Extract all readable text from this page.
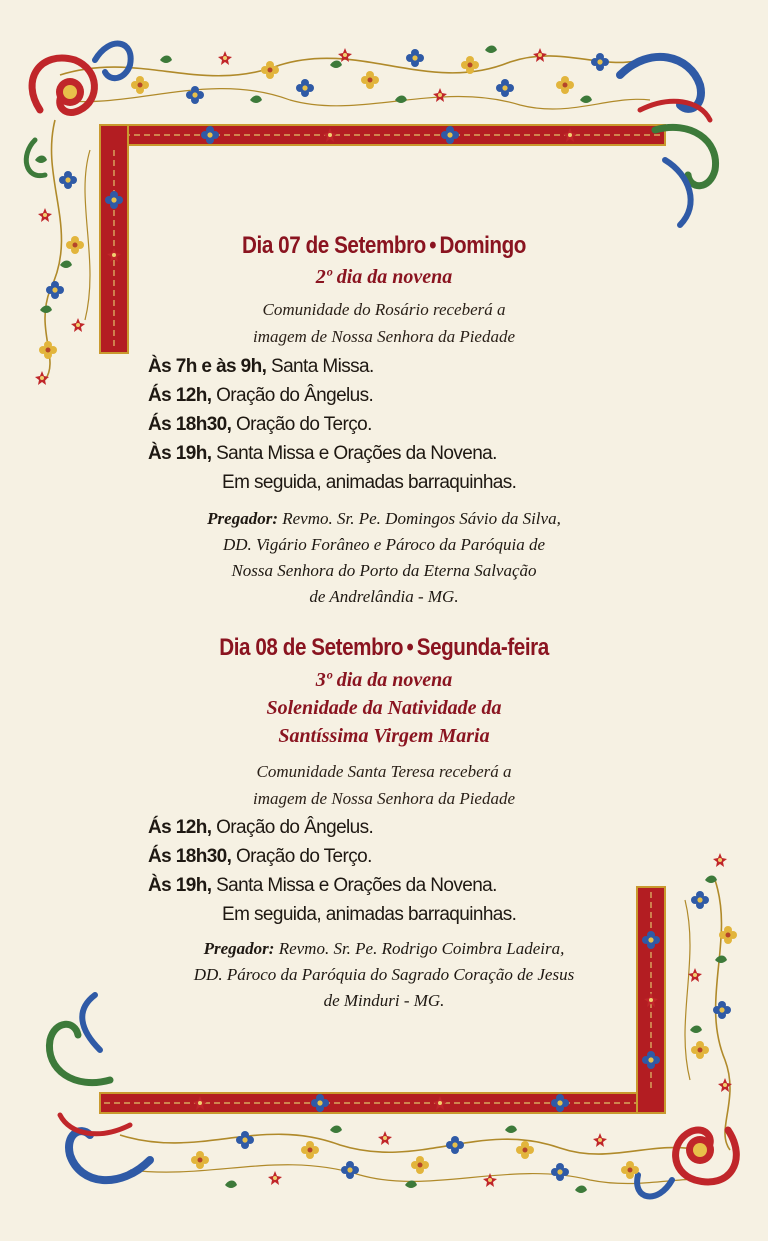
Dia 07 de Setembro • Domingo
2º dia da novena
Comunidade do Rosário receberá a
imagem de Nossa Senhora da Piedade
Às 7h e às 9h, Santa Missa.
Ás 12h, Oração do Ângelus.
Ás 18h30, Oração do Terço.
Às 19h, Santa Missa e Orações da Novena.
Em seguida, animadas barraquinhas.
Pregador: Revmo. Sr. Pe. Domingos Sávio da Silva,
DD. Vigário Forâneo e Pároco da Paróquia de
Nossa Senhora do Porto da Eterna Salvação
de Andrelândia - MG.
Dia 08 de Setembro • Segunda-feira
3º dia da novena
Solenidade da Natividade da
Santíssima Virgem Maria
Comunidade Santa Teresa receberá a
imagem de Nossa Senhora da Piedade
Ás 12h, Oração do Ângelus.
Ás 18h30, Oração do Terço.
Às 19h, Santa Missa e Orações da Novena.
Em seguida, animadas barraquinhas.
Pregador: Revmo. Sr. Pe. Rodrigo Coimbra Ladeira,
DD. Pároco da Paróquia do Sagrado Coração de Jesus
de Minduri - MG.
